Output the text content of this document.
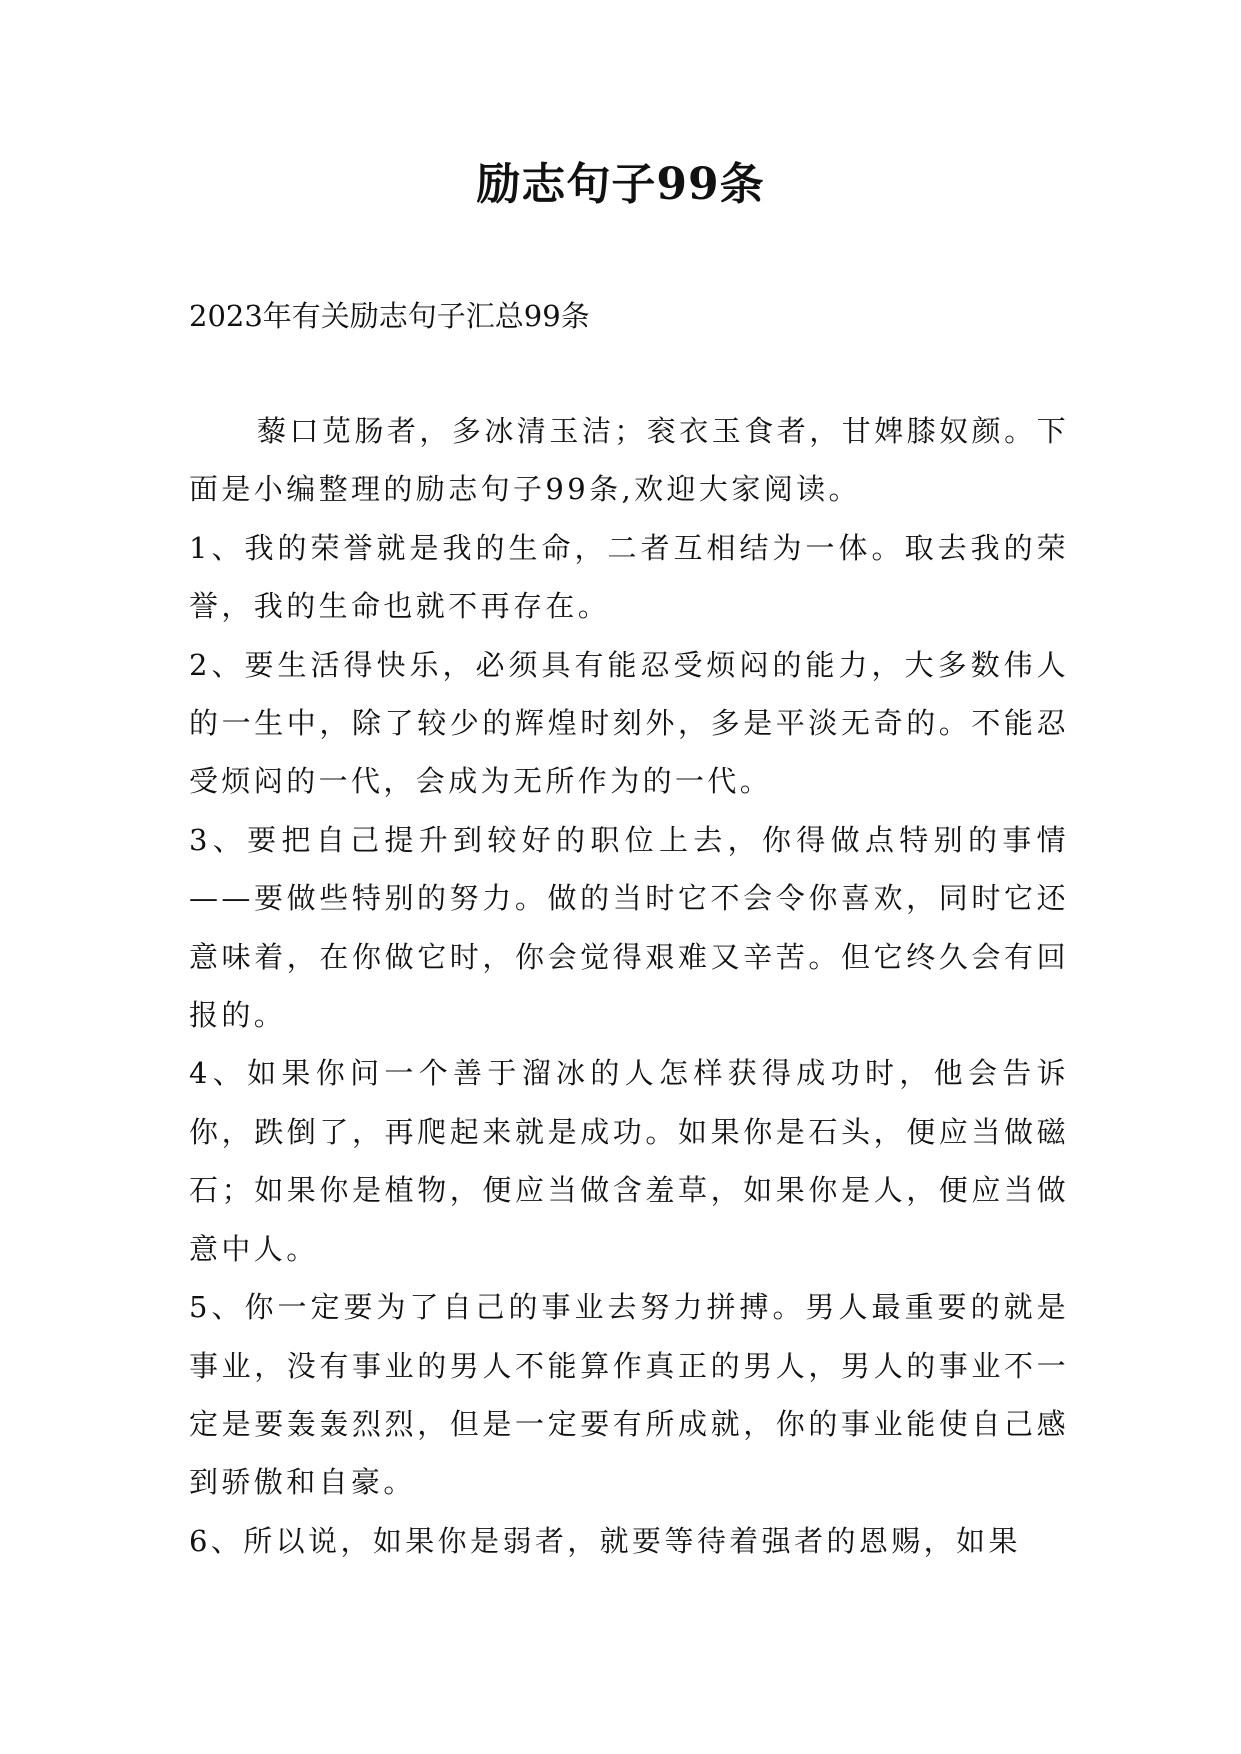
励志句子99条

2023年有关励志句子汇总99条

藜口苋肠者，多冰清玉洁；衮衣玉食者，甘婢膝奴颜。下面是小编整理的励志句子99条,欢迎大家阅读。

1、我的荣誉就是我的生命，二者互相结为一体。取去我的荣誉，我的生命也就不再存在。

2、要生活得快乐，必须具有能忍受烦闷的能力，大多数伟人的一生中，除了较少的辉煌时刻外，多是平淡无奇的。不能忍受烦闷的一代，会成为无所作为的一代。

3、要把自己提升到较好的职位上去，你得做点特别的事情——要做些特别的努力。做的当时它不会令你喜欢，同时它还意味着，在你做它时，你会觉得艰难又辛苦。但它终久会有回报的。

4、如果你问一个善于溜冰的人怎样获得成功时，他会告诉你，跌倒了，再爬起来就是成功。如果你是石头，便应当做磁石；如果你是植物，便应当做含羞草，如果你是人，便应当做意中人。

5、你一定要为了自己的事业去努力拼搏。男人最重要的就是事业，没有事业的男人不能算作真正的男人，男人的事业不一定是要轰轰烈烈，但是一定要有所成就，你的事业能使自己感到骄傲和自豪。

6、所以说，如果你是弱者，就要等待着强者的恩赐，如果
